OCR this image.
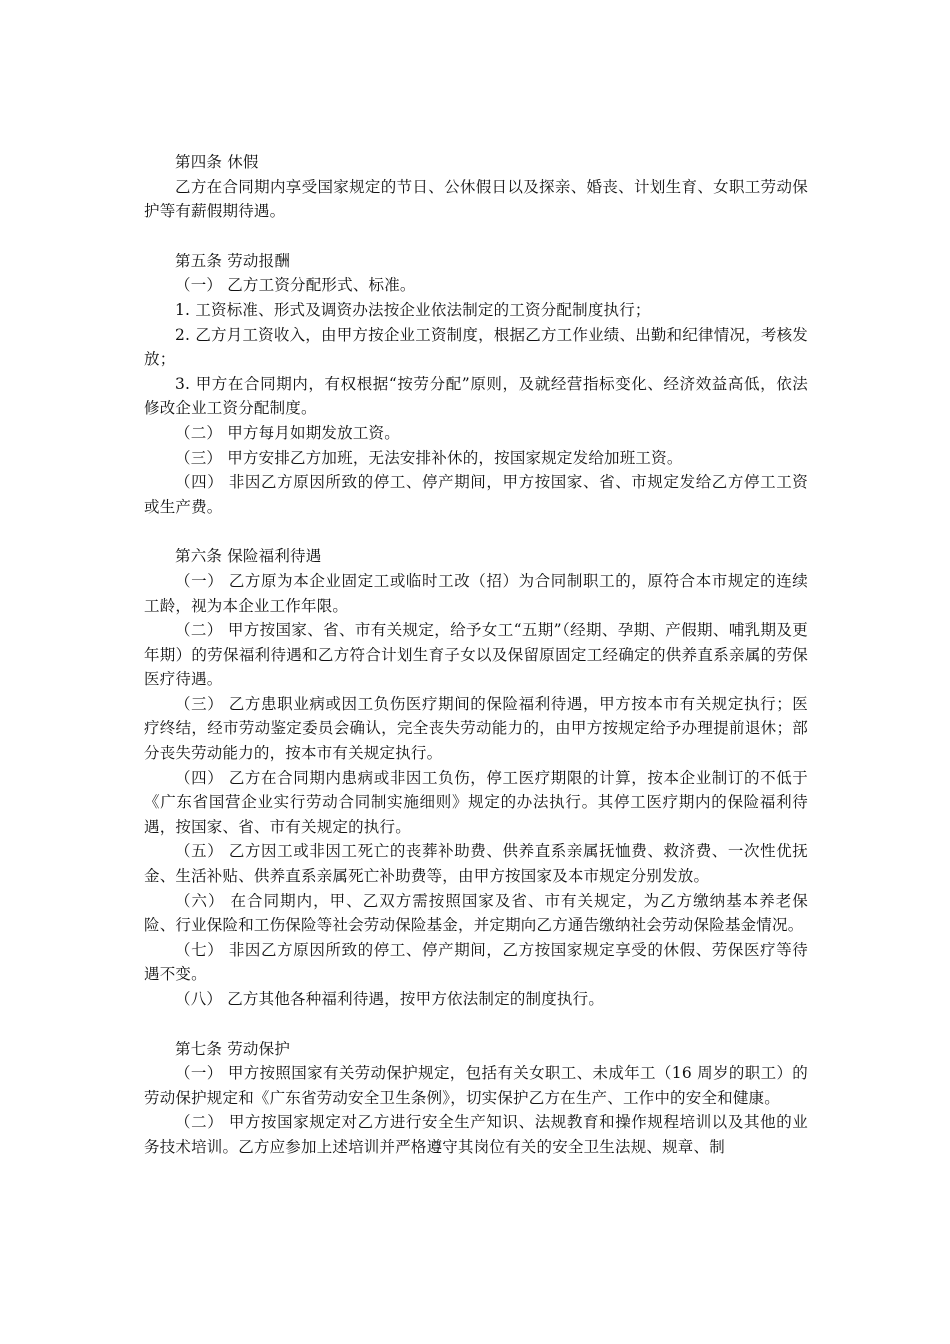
第四条 休假

乙方在合同期内享受国家规定的节日、公休假日以及探亲、婚丧、计划生育、女职工劳动保护等有薪假期待遇。

第五条 劳动报酬

（一） 乙方工资分配形式、标准。

1. 工资标准、形式及调资办法按企业依法制定的工资分配制度执行；

2. 乙方月工资收入，由甲方按企业工资制度，根据乙方工作业绩、出勤和纪律情况，考核发放；

3. 甲方在合同期内，有权根据“按劳分配”原则，及就经营指标变化、经济效益高低，依法修改企业工资分配制度。

（二） 甲方每月如期发放工资。

（三） 甲方安排乙方加班，无法安排补休的，按国家规定发给加班工资。

（四） 非因乙方原因所致的停工、停产期间，甲方按国家、省、市规定发给乙方停工工资或生产费。

第六条 保险福利待遇

（一） 乙方原为本企业固定工或临时工改（招）为合同制职工的，原符合本市规定的连续工龄，视为本企业工作年限。

（二） 甲方按国家、省、市有关规定，给予女工“五期”（经期、孕期、产假期、哺乳期及更年期）的劳保福利待遇和乙方符合计划生育子女以及保留原固定工经确定的供养直系亲属的劳保医疗待遇。

（三） 乙方患职业病或因工负伤医疗期间的保险福利待遇，甲方按本市有关规定执行；医疗终结，经市劳动鉴定委员会确认，完全丧失劳动能力的，由甲方按规定给予办理提前退休；部分丧失劳动能力的，按本市有关规定执行。

（四） 乙方在合同期内患病或非因工负伤，停工医疗期限的计算，按本企业制订的不低于《广东省国营企业实行劳动合同制实施细则》规定的办法执行。其停工医疗期内的保险福利待遇，按国家、省、市有关规定的执行。

（五） 乙方因工或非因工死亡的丧葬补助费、供养直系亲属抚恤费、救济费、一次性优抚金、生活补贴、供养直系亲属死亡补助费等，由甲方按国家及本市规定分别发放。

（六） 在合同期内，甲、乙双方需按照国家及省、市有关规定，为乙方缴纳基本养老保险、行业保险和工伤保险等社会劳动保险基金，并定期向乙方通告缴纳社会劳动保险基金情况。

（七） 非因乙方原因所致的停工、停产期间，乙方按国家规定享受的休假、劳保医疗等待遇不变。

（八） 乙方其他各种福利待遇，按甲方依法制定的制度执行。

第七条 劳动保护

（一） 甲方按照国家有关劳动保护规定，包括有关女职工、未成年工（16 周岁的职工）的劳动保护规定和《广东省劳动安全卫生条例》，切实保护乙方在生产、工作中的安全和健康。

（二） 甲方按国家规定对乙方进行安全生产知识、法规教育和操作规程培训以及其他的业务技术培训。乙方应参加上述培训并严格遵守其岗位有关的安全卫生法规、规章、制
